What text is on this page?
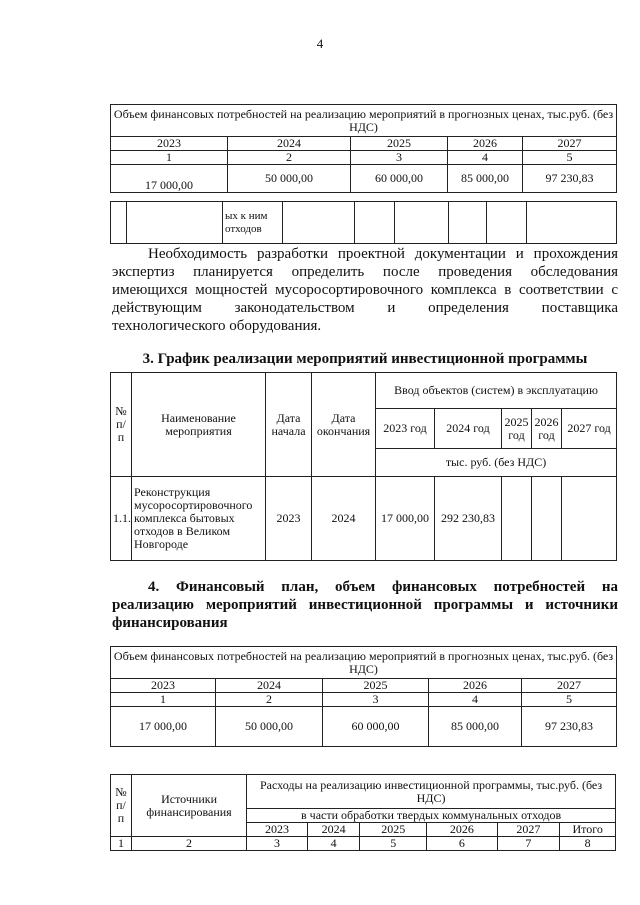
4
Объем финансовых потребностей на реализацию мероприятий в прогнозных ценах, тыс.руб. (без НДС)				
2023	2024	2025	2026	2027
1	2	3	4	5
17 000,00	50 000,00	60 000,00	85 000,00	97 230,83
		ых к ним отходов						
Необходимость разработки проектной документации и прохождения экспертиз планируется определить после проведения обследования имеющихся мощностей мусоросортировочного комплекса в соответствии с действующим законодательством и определения поставщика технологического оборудования.
3. График реализации мероприятий инвестиционной программы
№ п/п	Наименование мероприятия	Дата начала	Дата окончания	Ввод объектов (систем) в эксплуатацию				
				2023 год	2024 год	2025 год	2026 год	2027 год
				тыс. руб. (без НДС)				
1.1.	Реконструкция мусоросортировочного комплекса бытовых отходов в Великом Новгороде	2023	2024	17 000,00	292 230,83			
4. Финансовый план, объем финансовых потребностей на реализацию мероприятий инвестиционной программы и источники финансирования
Объем финансовых потребностей на реализацию мероприятий в прогнозных ценах, тыс.руб. (без НДС)				
2023	2024	2025	2026	2027
1	2	3	4	5
17 000,00	50 000,00	60 000,00	85 000,00	97 230,83
№ п/п	Источники финансирования	Расходы на реализацию инвестиционной программы, тыс.руб. (без НДС)					
		в части обработки твердых коммунальных отходов					
		2023	2024	2025	2026	2027	Итого
1	2	3	4	5	6	7	8
